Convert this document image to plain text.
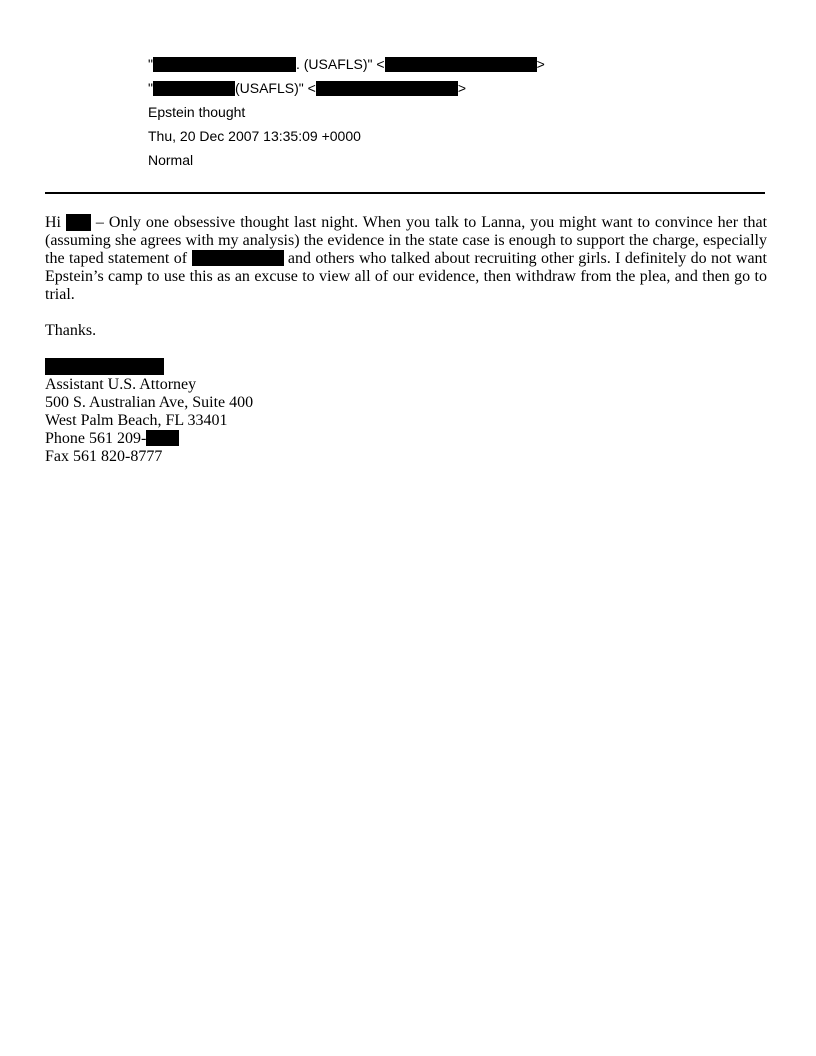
"	. (USAFLS)" <	>
"	(USAFLS)" <	>
Epstein thought
Thu, 20 Dec 2007 13:35:09 +0000
Normal

Hi  – Only one obsessive thought last night. When you talk to Lanna, you might want to convince her that (assuming she agrees with my analysis) the evidence in the state case is enough to support the charge, especially the taped statement of	and others who talked about recruiting other girls. I definitely do not want Epstein’s camp to use this as an excuse to view all of our evidence, then withdraw from the plea, and then go to trial.

Thanks.

Assistant U.S. Attorney
500 S. Australian Ave, Suite 400
West Palm Beach, FL 33401
Phone 561 209-
Fax 561 820-8777
